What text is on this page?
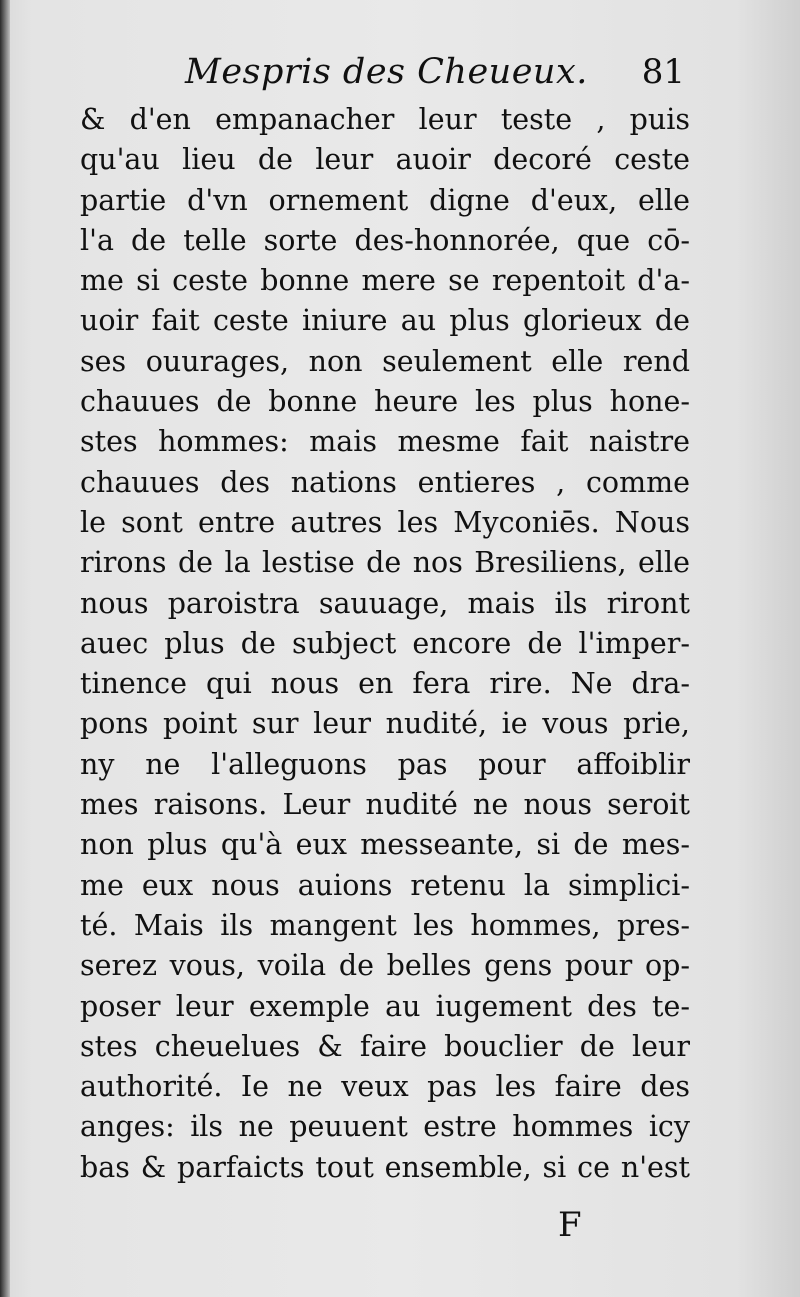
Mespris des Cheueux. 81
& d'en empanacher leur teste , puis
qu'au lieu de leur auoir decoré ceste
partie d'vn ornement digne d'eux, elle
l'a de telle sorte des-honnorée, que cō-
me si ceste bonne mere se repentoit d'a-
uoir fait ceste iniure au plus glorieux de
ses ouurages, non seulement elle rend
chauues de bonne heure les plus hone-
stes hommes: mais mesme fait naistre
chauues des nations entieres , comme
le sont entre autres les Myconiēs. Nous
rirons de la lestise de nos Bresiliens, elle
nous paroistra sauuage, mais ils riront
auec plus de subject encore de l'imper-
tinence qui nous en fera rire. Ne dra-
pons point sur leur nudité, ie vous prie,
ny ne l'alleguons pas pour affoiblir
mes raisons. Leur nudité ne nous seroit
non plus qu'à eux messeante, si de mes-
me eux nous auions retenu la simplici-
té. Mais ils mangent les hommes, pres-
serez vous, voila de belles gens pour op-
poser leur exemple au iugement des te-
stes cheuelues & faire bouclier de leur
authorité. Ie ne veux pas les faire des
anges: ils ne peuuent estre hommes icy
bas & parfaicts tout ensemble, si ce n'est
F
